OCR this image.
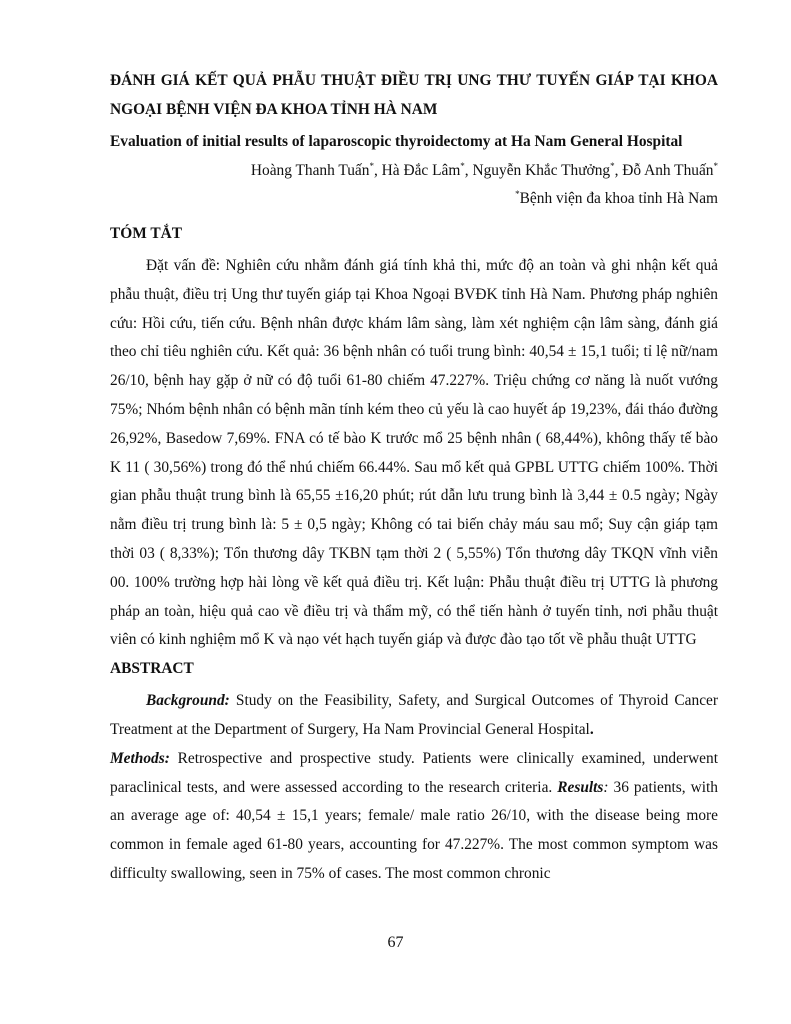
ĐÁNH GIÁ KẾT QUẢ PHẪU THUẬT ĐIỀU TRỊ UNG THƯ TUYẾN GIÁP TẠI KHOA NGOẠI BỆNH VIỆN ĐA KHOA TỈNH HÀ NAM

Evaluation of initial results of laparoscopic thyroidectomy at Ha Nam General Hospital

Hoàng Thanh Tuấn*, Hà Đắc Lâm*, Nguyễn Khắc Thưởng*, Đỗ Anh Thuấn*
*Bệnh viện đa khoa tỉnh Hà Nam
TÓM TẮT

Đặt vấn đề: Nghiên cứu nhằm đánh giá tính khả thi, mức độ an toàn và ghi nhận kết quả phẫu thuật, điều trị Ung thư tuyến giáp tại Khoa Ngoại BVĐK tỉnh Hà Nam. Phương pháp nghiên cứu: Hồi cứu, tiến cứu. Bệnh nhân được khám lâm sàng, làm xét nghiệm cận lâm sàng, đánh giá theo chỉ tiêu nghiên cứu. Kết quả: 36 bệnh nhân có tuổi trung bình: 40,54 ± 15,1 tuổi; tỉ lệ nữ/nam 26/10, bệnh hay gặp ở nữ có độ tuổi 61-80 chiếm 47.227%. Triệu chứng cơ năng là nuốt vướng 75%; Nhóm bệnh nhân có bệnh mãn tính kém theo củ yếu là cao huyết áp 19,23%, đái tháo đường 26,92%, Basedow 7,69%. FNA có tế bào K trước mổ 25 bệnh nhân ( 68,44%), không thấy tế bào K 11 ( 30,56%) trong đó thể nhú chiếm 66.44%. Sau mổ kết quả GPBL UTTG chiếm 100%. Thời gian phẫu thuật trung bình là 65,55 ±16,20 phút; rút dẫn lưu trung bình là 3,44 ± 0.5 ngày; Ngày nằm điều trị trung bình là: 5 ± 0,5 ngày; Không có tai biến chảy máu sau mổ; Suy cận giáp tạm thời 03 ( 8,33%); Tổn thương dây TKBN tạm thời 2 ( 5,55%) Tổn thương dây TKQN vĩnh viễn 00. 100% trường hợp hài lòng về kết quả điều trị. Kết luận: Phẫu thuật điều trị UTTG là phương pháp an toàn, hiệu quả cao về điều trị và thẩm mỹ, có thể tiến hành ở tuyến tỉnh, nơi phẫu thuật viên có kinh nghiệm mổ K và nạo vét hạch tuyến giáp và được đào tạo tốt về phẫu thuật UTTG

ABSTRACT

Background: Study on the Feasibility, Safety, and Surgical Outcomes of Thyroid Cancer Treatment at the Department of Surgery, Ha Nam Provincial General Hospital.
Methods: Retrospective and prospective study. Patients were clinically examined, underwent paraclinical tests, and were assessed according to the research criteria. Results: 36 patients, with an average age of: 40,54 ± 15,1 years; female/ male ratio 26/10, with the disease being more common in female aged 61-80 years, accounting for 47.227%. The most common symptom was difficulty swallowing, seen in 75% of cases. The most common chronic

67
